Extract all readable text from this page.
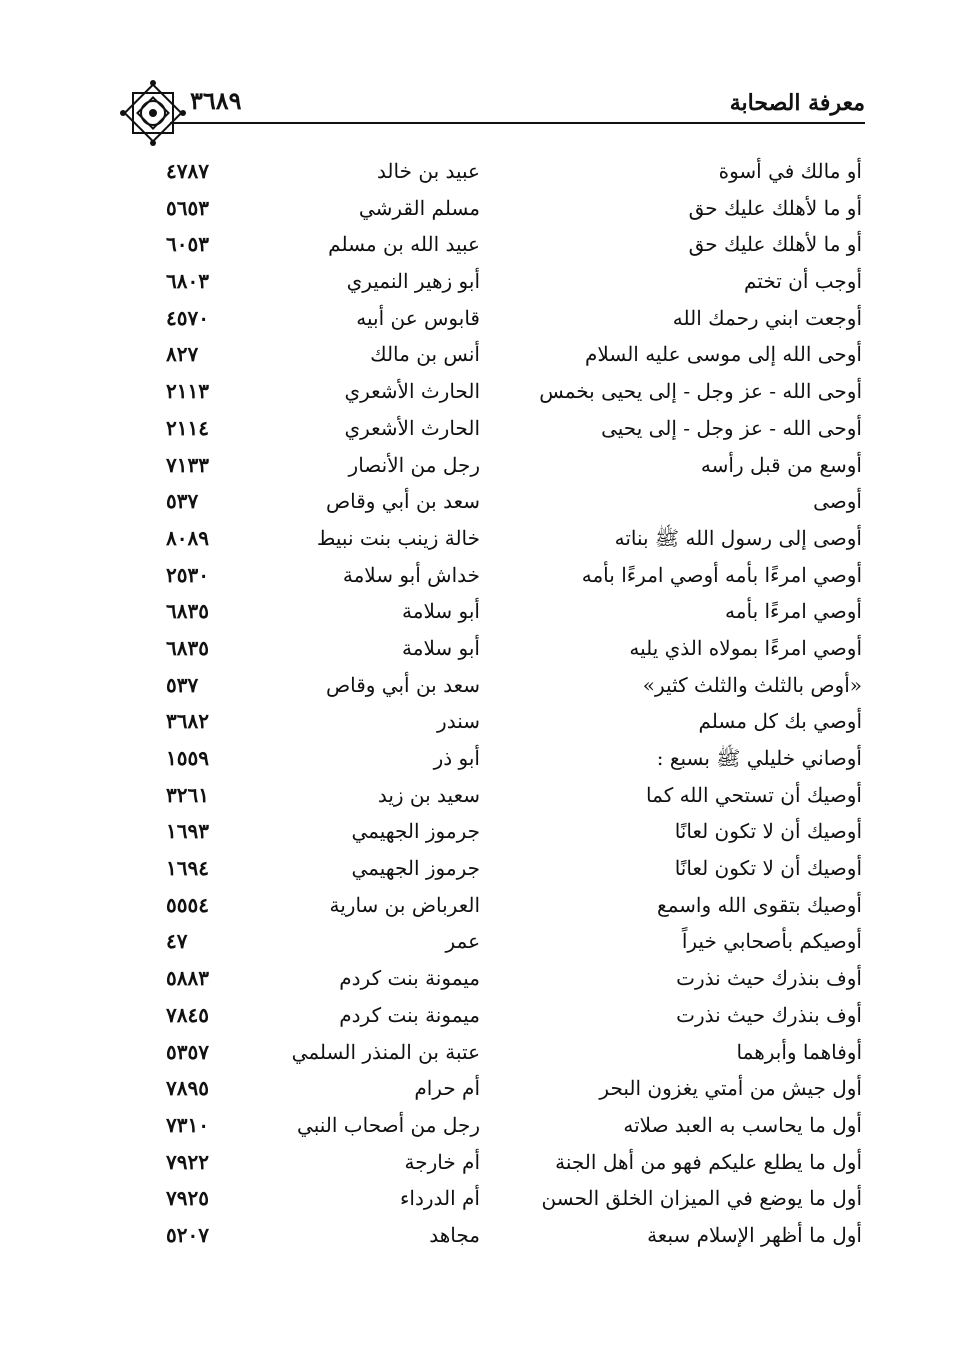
٣٦٨٩	معرفة الصحابة
أو مالك في أسوة
عبيد بن خالد
٤٧٨٧
أو ما لأهلك عليك حق
مسلم القرشي
٥٦٥٣
أو ما لأهلك عليك حق
عبيد الله بن مسلم
٦٠٥٣
أوجب أن تختم
أبو زهير النميري
٦٨٠٣
أوجعت ابني رحمك الله
قابوس عن أبيه
٤٥٧٠
أوحى الله إلى موسى عليه السلام
أنس بن مالك
٨٢٧
أوحى الله - عز وجل - إلى يحيى بخمس
الحارث الأشعري
٢١١٣
أوحى الله - عز وجل - إلى يحيى
الحارث الأشعري
٢١١٤
أوسع من قبل رأسه
رجل من الأنصار
٧١٣٣
أوصى
سعد بن أبي وقاص
٥٣٧
أوصى إلى رسول الله ﷺ بناته
خالة زينب بنت نبيط
٨٠٨٩
أوصي امرءًا بأمه أوصي امرءًا بأمه
خداش أبو سلامة
٢٥٣٠
أوصي امرءًا بأمه
أبو سلامة
٦٨٣٥
أوصي امرءًا بمولاه الذي يليه
أبو سلامة
٦٨٣٥
«أوص بالثلث والثلث كثير»
سعد بن أبي وقاص
٥٣٧
أوصي بك كل مسلم
سندر
٣٦٨٢
أوصاني خليلي ﷺ بسبع :
أبو ذر
١٥٥٩
أوصيك أن تستحي الله كما
سعيد بن زيد
٣٢٦١
أوصيك أن لا تكون لعانًا
جرموز الجهيمي
١٦٩٣
أوصيك أن لا تكون لعانًا
جرموز الجهيمي
١٦٩٤
أوصيك بتقوى الله واسمع
العرباض بن سارية
٥٥٥٤
أوصيكم بأصحابي خيراً
عمر
٤٧
أوف بنذرك حيث نذرت
ميمونة بنت كردم
٥٨٨٣
أوف بنذرك حيث نذرت
ميمونة بنت كردم
٧٨٤٥
أوفاهما وأبرهما
عتبة بن المنذر السلمي
٥٣٥٧
أول جيش من أمتي يغزون البحر
أم حرام
٧٨٩٥
أول ما يحاسب به العبد صلاته
رجل من أصحاب النبي
٧٣١٠
أول ما يطلع عليكم فهو من أهل الجنة
أم خارجة
٧٩٢٢
أول ما يوضع في الميزان الخلق الحسن
أم الدرداء
٧٩٢٥
أول ما أظهر الإسلام سبعة
مجاهد
٥٢٠٧
